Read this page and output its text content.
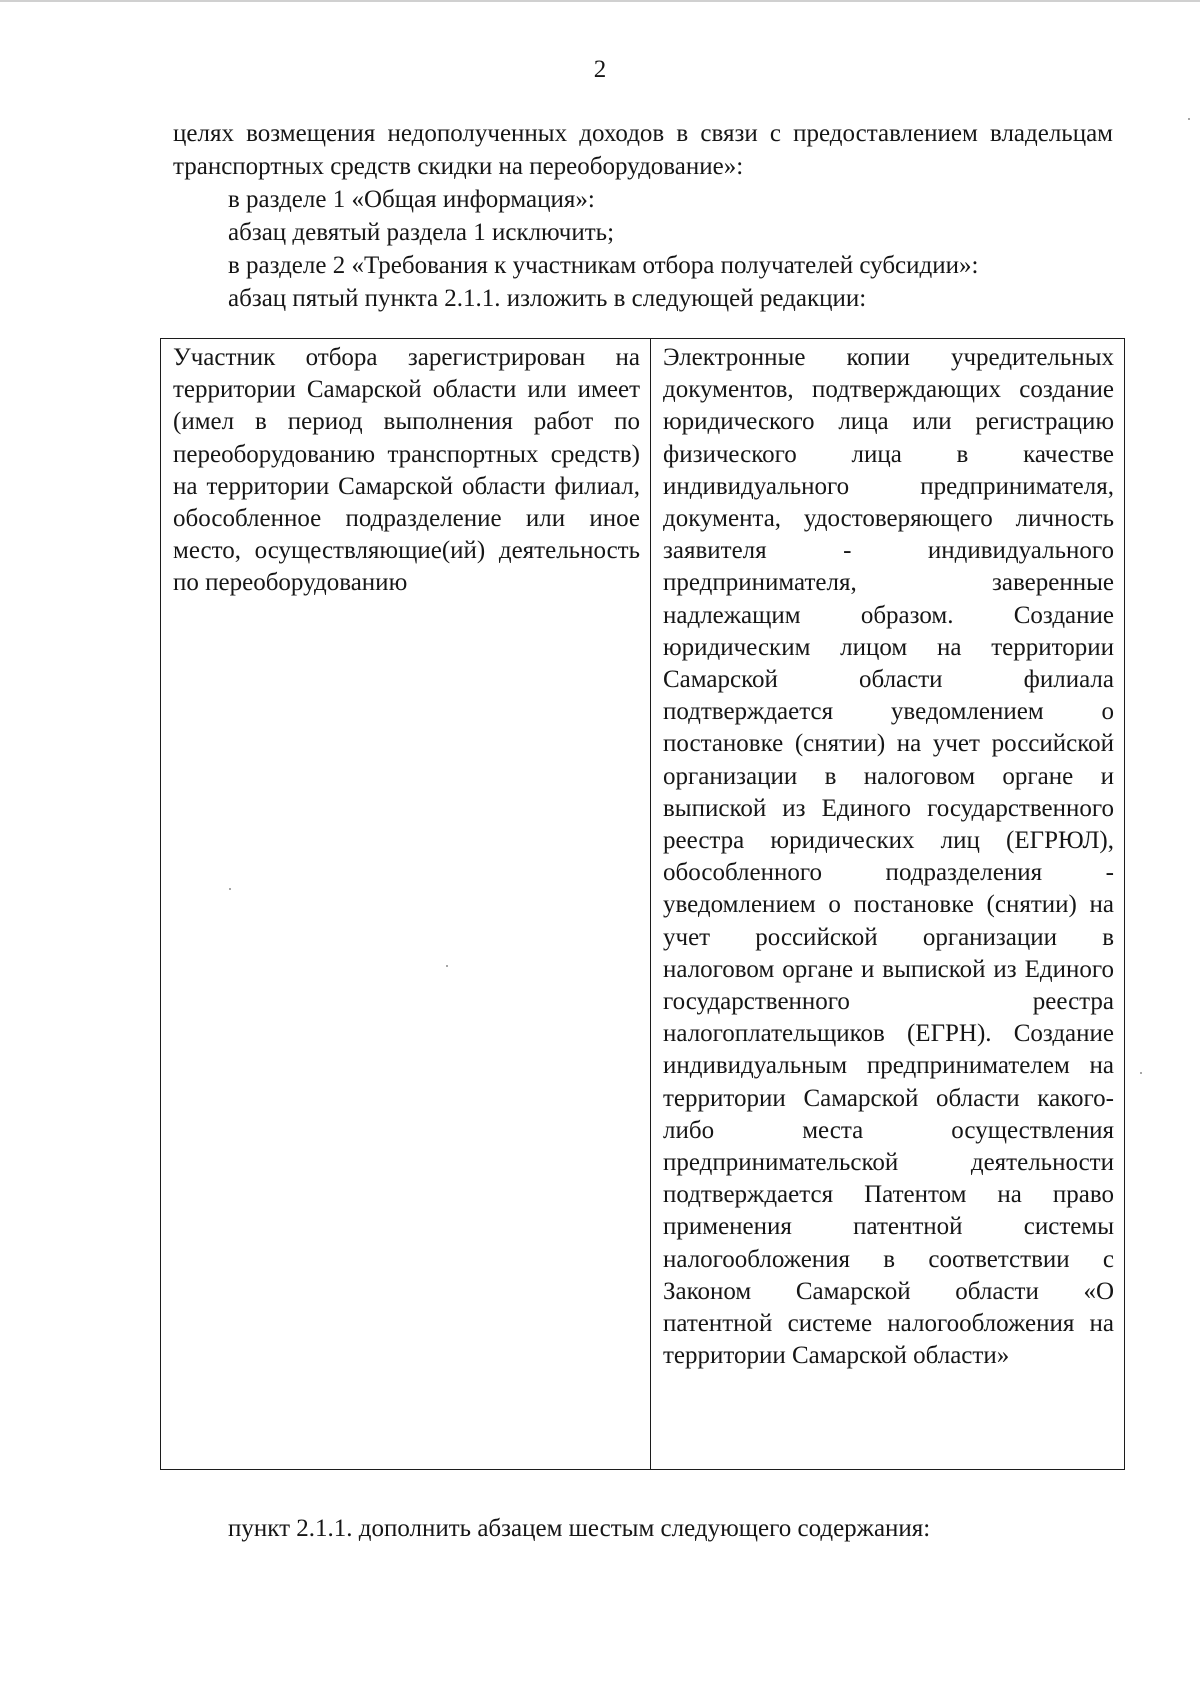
2
целях возмещения недополученных доходов в связи с предоставлением владельцам транспортных средств скидки на переоборудование»:
в разделе 1 «Общая информация»:
абзац девятый раздела 1 исключить;
в разделе 2 «Требования к участникам отбора получателей субсидии»:
абзац пятый пункта 2.1.1. изложить в следующей редакции:
Участник отбора зарегистрирован на территории Самарской области или имеет (имел в период выполнения работ по переоборудованию транспортных средств) на территории Самарской области филиал, обособленное подразделение или иное место, осуществляющие(ий) деятельность по переоборудованию	Электронные копии учредительных документов, подтверждающих создание юридического лица или регистрацию физического лица в качестве индивидуального предпринимателя, документа, удостоверяющего личность заявителя - индивидуального предпринимателя, заверенные надлежащим образом. Создание юридическим лицом на территории Самарской области филиала подтверждается уведомлением о постановке (снятии) на учет российской организации в налоговом органе и выпиской из Единого государственного реестра юридических лиц (ЕГРЮЛ), обособленного подразделения - уведомлением о постановке (снятии) на учет российской организации в налоговом органе и выпиской из Единого государственного реестра налогоплательщиков (ЕГРН). Создание индивидуальным предпринимателем на территории Самарской области какого-либо места осуществления предпринимательской деятельности подтверждается Патентом на право применения патентной системы налогообложения в соответствии с Законом Самарской области «О патентной системе налогообложения на территории Самарской области»
пункт 2.1.1. дополнить абзацем шестым следующего содержания:
